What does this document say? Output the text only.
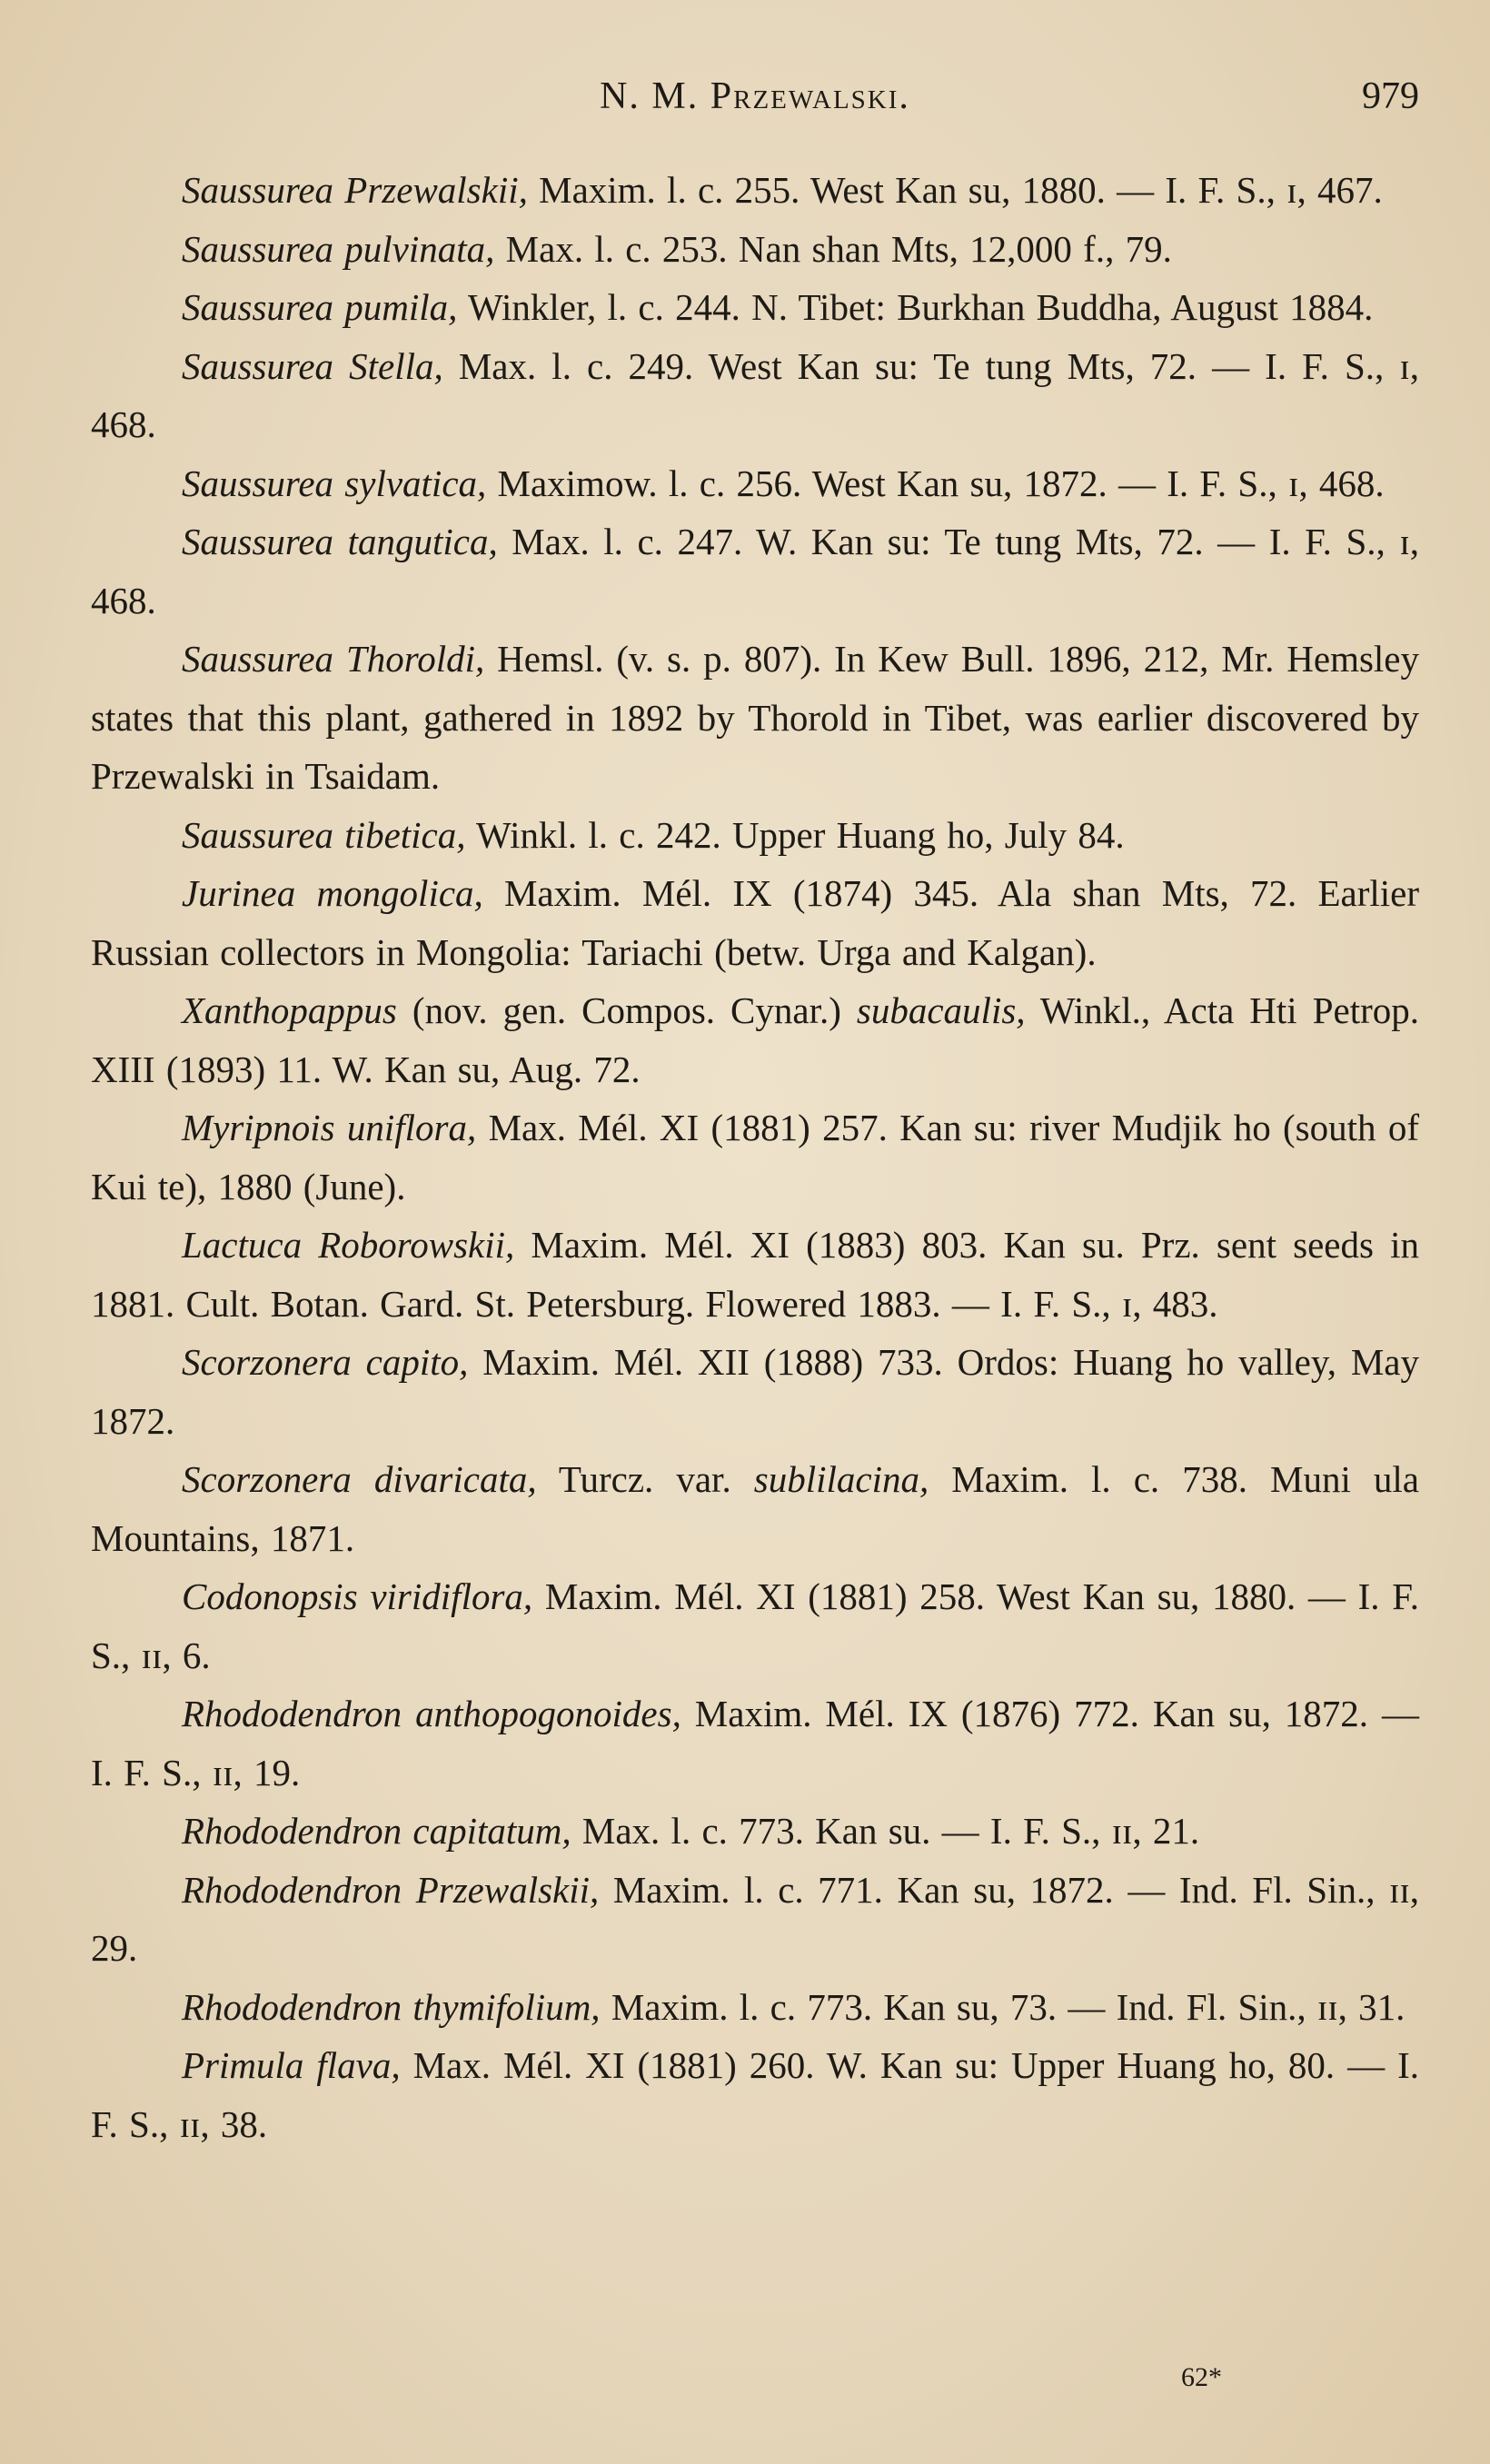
N. M. Przewalski.	979

Saussurea Przewalskii, Maxim. l. c. 255. West Kan su, 1880. — I. F. S., ɪ, 467.

Saussurea pulvinata, Max. l. c. 253. Nan shan Mts, 12,000 f., 79.

Saussurea pumila, Winkler, l. c. 244. N. Tibet: Burkhan Buddha, August 1884.

Saussurea Stella, Max. l. c. 249. West Kan su: Te tung Mts, 72. — I. F. S., ɪ, 468.

Saussurea sylvatica, Maximow. l. c. 256. West Kan su, 1872. — I. F. S., ɪ, 468.

Saussurea tangutica, Max. l. c. 247. W. Kan su: Te tung Mts, 72. — I. F. S., ɪ, 468.

Saussurea Thoroldi, Hemsl. (v. s. p. 807). In Kew Bull. 1896, 212, Mr. Hemsley states that this plant, gathered in 1892 by Thorold in Tibet, was earlier discovered by Przewalski in Tsaidam.

Saussurea tibetica, Winkl. l. c. 242. Upper Huang ho, July 84.

Jurinea mongolica, Maxim. Mél. IX (1874) 345. Ala shan Mts, 72. Earlier Russian collectors in Mongolia: Tariachi (betw. Urga and Kalgan).

Xanthopappus (nov. gen. Compos. Cynar.) subacaulis, Winkl., Acta Hti Petrop. XIII (1893) 11. W. Kan su, Aug. 72.

Myripnois uniflora, Max. Mél. XI (1881) 257. Kan su: river Mudjik ho (south of Kui te), 1880 (June).

Lactuca Roborowskii, Maxim. Mél. XI (1883) 803. Kan su. Prz. sent seeds in 1881. Cult. Botan. Gard. St. Petersburg. Flowered 1883. — I. F. S., ɪ, 483.

Scorzonera capito, Maxim. Mél. XII (1888) 733. Ordos: Huang ho valley, May 1872.

Scorzonera divaricata, Turcz. var. sublilacina, Maxim. l. c. 738. Muni ula Mountains, 1871.

Codonopsis viridiflora, Maxim. Mél. XI (1881) 258. West Kan su, 1880. — I. F. S., ɪɪ, 6.

Rhododendron anthopogonoides, Maxim. Mél. IX (1876) 772. Kan su, 1872. — I. F. S., ɪɪ, 19.

Rhododendron capitatum, Max. l. c. 773. Kan su. — I. F. S., ɪɪ, 21.

Rhododendron Przewalskii, Maxim. l. c. 771. Kan su, 1872. — Ind. Fl. Sin., ɪɪ, 29.

Rhododendron thymifolium, Maxim. l. c. 773. Kan su, 73. — Ind. Fl. Sin., ɪɪ, 31.

Primula flava, Max. Mél. XI (1881) 260. W. Kan su: Upper Huang ho, 80. — I. F. S., ɪɪ, 38.

62*
